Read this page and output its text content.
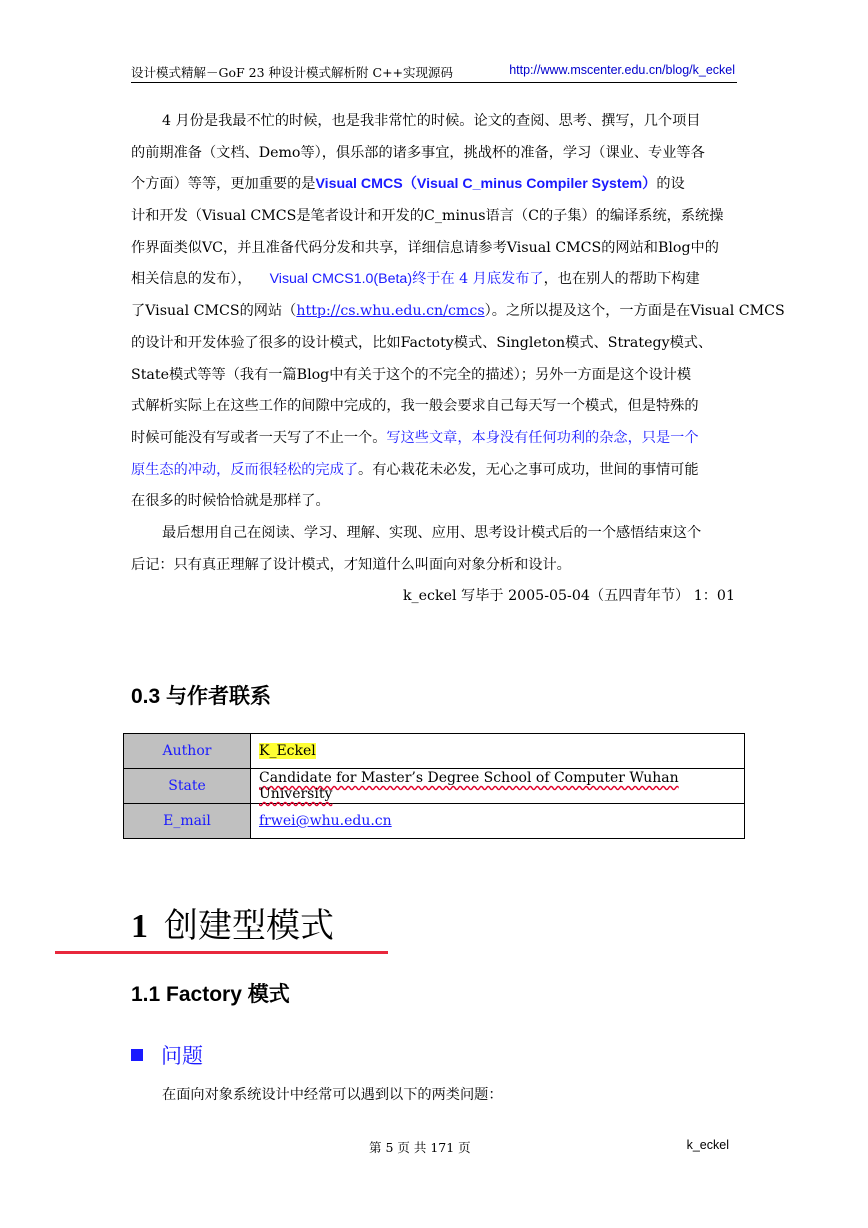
设计模式精解－GoF 23 种设计模式解析附 C++实现源码	http://www.mscenter.edu.cn/blog/k_eckel
4 月份是我最不忙的时候，也是我非常忙的时候。论文的查阅、思考、撰写，几个项目
的前期准备（文档、Demo等），俱乐部的诸多事宜，挑战杯的准备，学习（课业、专业等各
个方面）等等，更加重要的是Visual CMCS（Visual C_minus Compiler System）的设
计和开发（Visual CMCS是笔者设计和开发的C_minus语言（C的子集）的编译系统，系统操
作界面类似VC，并且准备代码分发和共享，详细信息请参考Visual CMCS的网站和Blog中的
相关信息的发布）， Visual CMCS1.0(Beta)终于在 4 月底发布了，也在别人的帮助下构建
了Visual CMCS的网站（http://cs.whu.edu.cn/cmcs）。之所以提及这个，一方面是在Visual CMCS
的设计和开发体验了很多的设计模式，比如Factoty模式、Singleton模式、Strategy模式、
State模式等等（我有一篇Blog中有关于这个的不完全的描述）；另外一方面是这个设计模
式解析实际上在这些工作的间隙中完成的，我一般会要求自己每天写一个模式，但是特殊的
时候可能没有写或者一天写了不止一个。写这些文章，本身没有任何功利的杂念，只是一个
原生态的冲动，反而很轻松的完成了。有心栽花未必发，无心之事可成功，世间的事情可能
在很多的时候恰恰就是那样了。
最后想用自己在阅读、学习、理解、实现、应用、思考设计模式后的一个感悟结束这个
后记：只有真正理解了设计模式，才知道什么叫面向对象分析和设计。
k_eckel 写毕于 2005-05-04（五四青年节） 1：01
0.3 与作者联系
Author	K_Eckel
State	Candidate for Master’s Degree School of Computer Wuhan University
E_mail	frwei@whu.edu.cn
1 创建型模式
1.1 Factory 模式
问题
在面向对象系统设计中经常可以遇到以下的两类问题：
第 5 页 共 171 页	k_eckel
